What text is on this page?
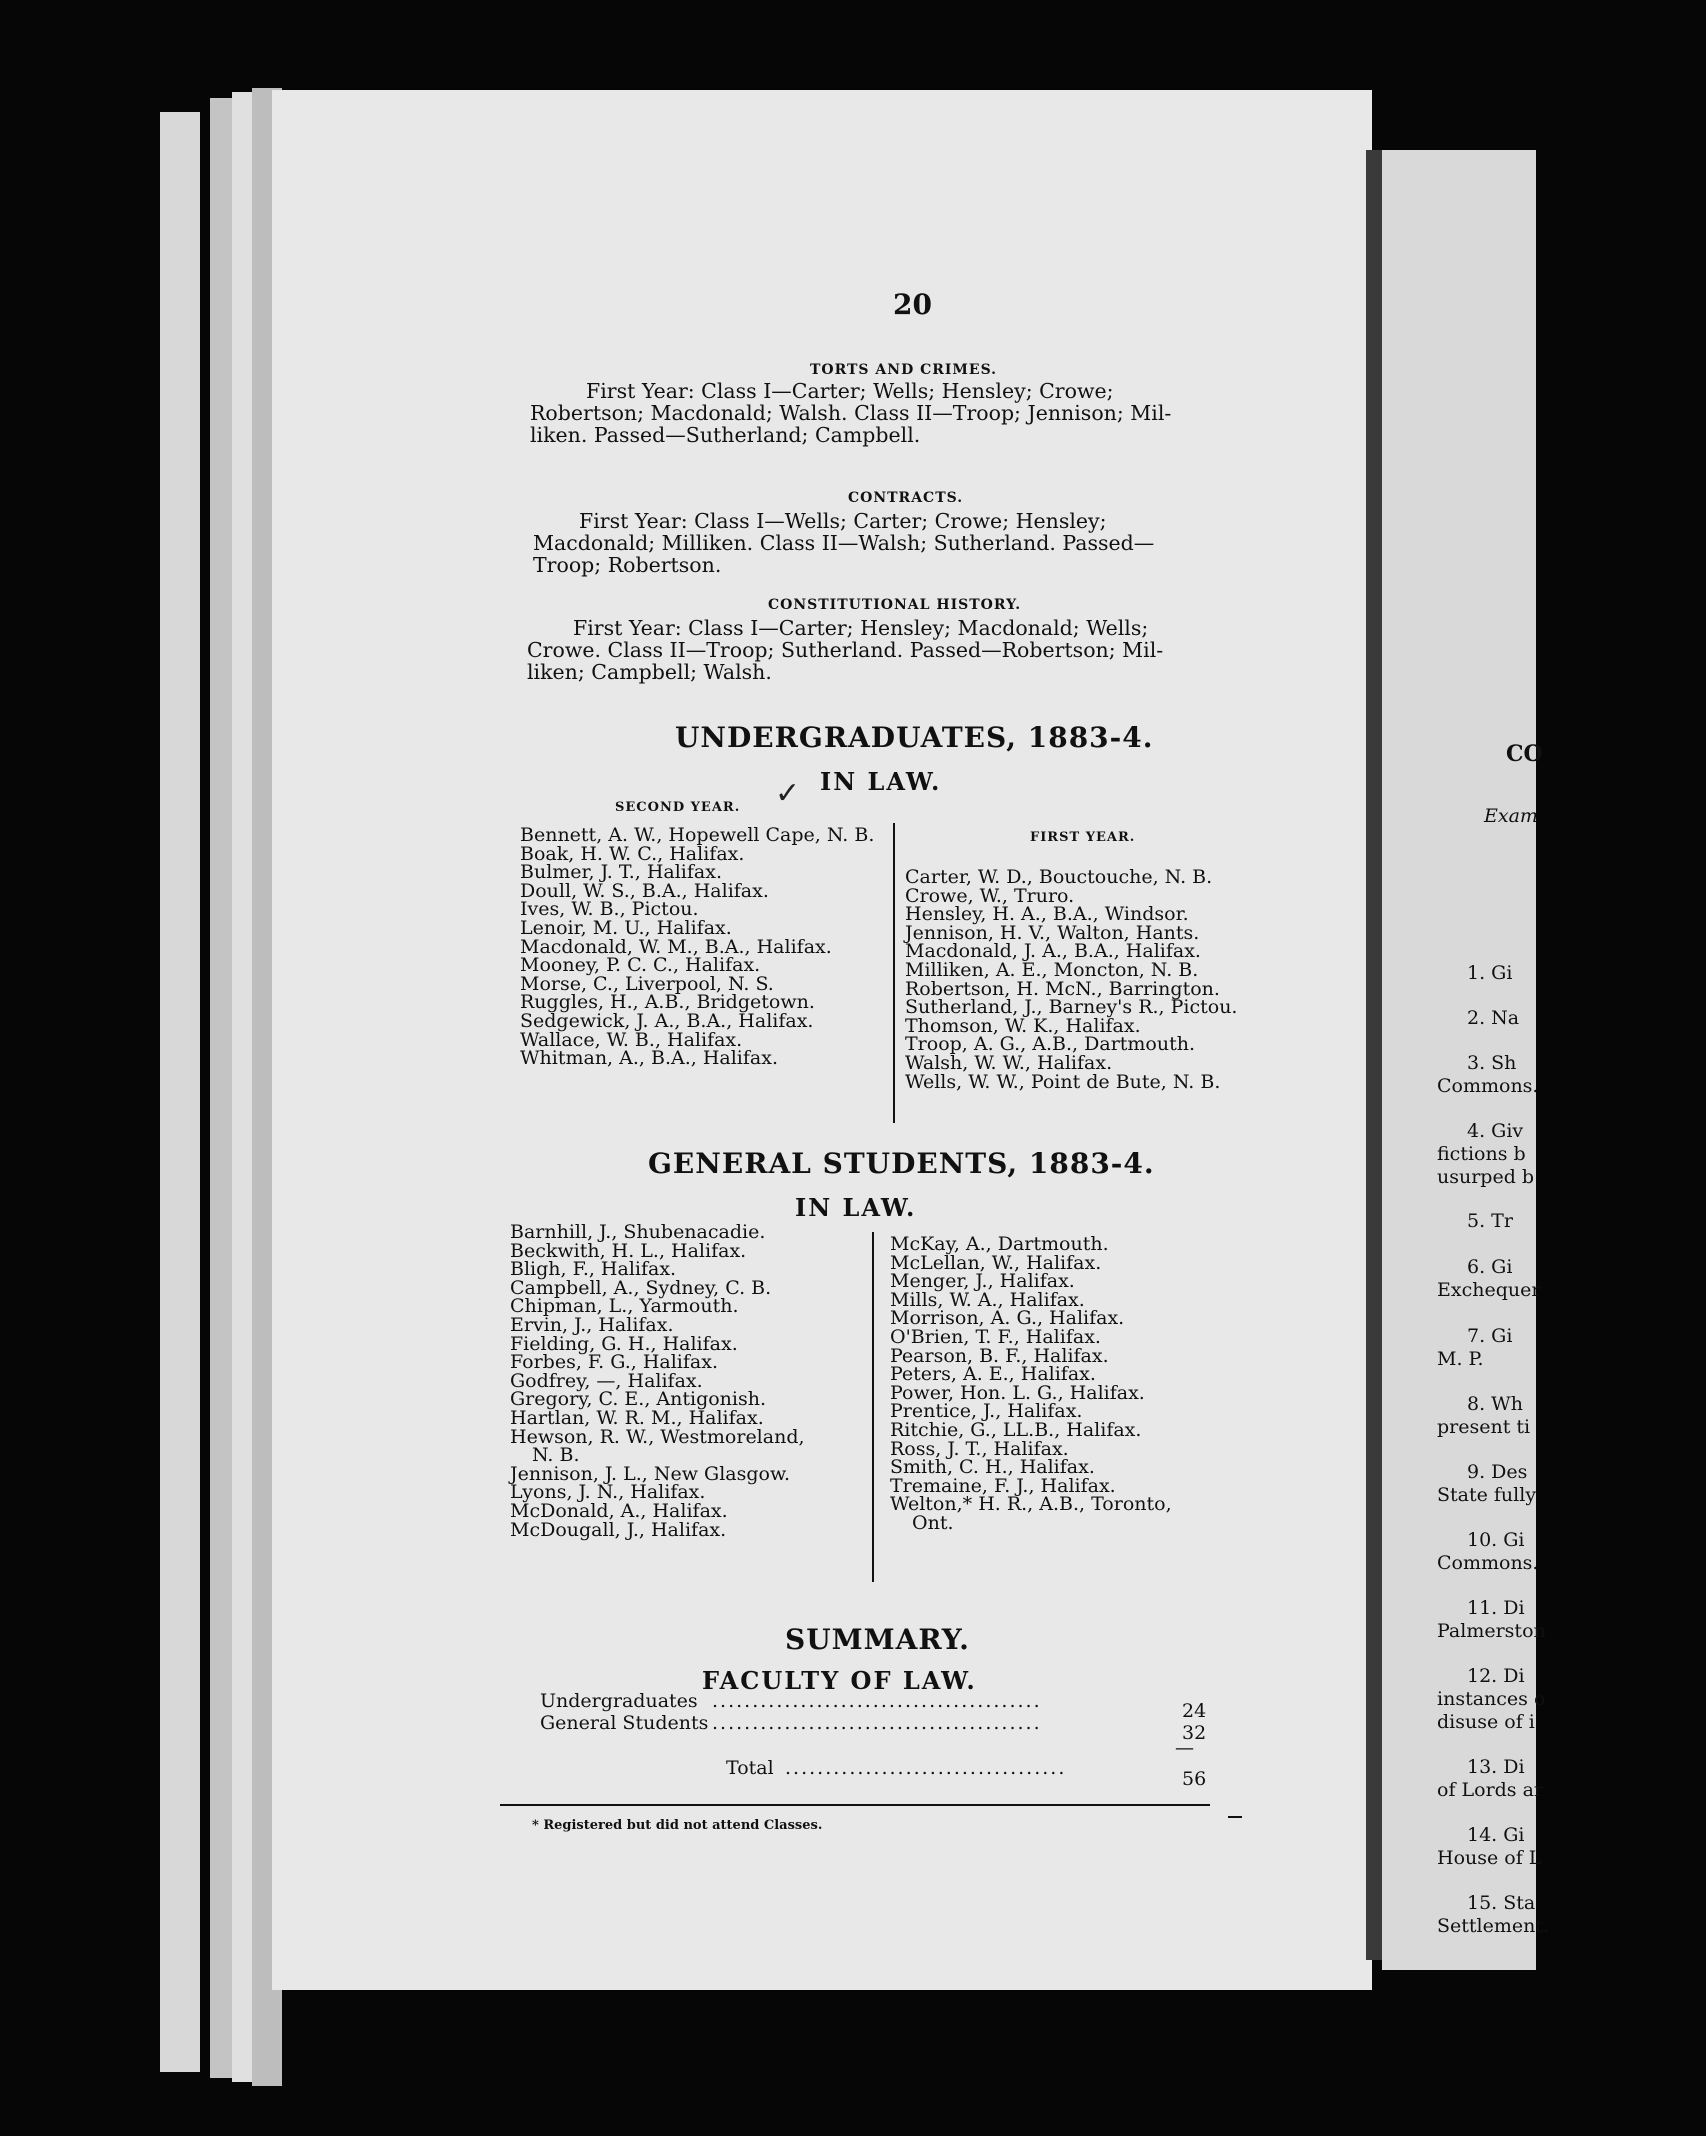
CO
Exam
1. Gi
2. Na
3. Sh
Commons.
4. Giv
fictions b
usurped b
5. Tr
6. Gi
Exchequer
7. Gi
M. P.
8. Wh
present ti
9. Des
State fully
10. Gi
Commons.
11. Di
Palmerston
12. Di
instances o
disuse of i
13. Di
of Lords ar
14. Gi
House of L
15. Sta
Settlement.
20
TORTS AND CRIMES.
First Year: Class I—Carter; Wells; Hensley; Crowe;
Robertson; Macdonald; Walsh. Class II—Troop; Jennison; Mil-
liken. Passed—Sutherland; Campbell.
CONTRACTS.
First Year: Class I—Wells; Carter; Crowe; Hensley;
Macdonald; Milliken. Class II—Walsh; Sutherland. Passed—
Troop; Robertson.
CONSTITUTIONAL HISTORY.
First Year: Class I—Carter; Hensley; Macdonald; Wells;
Crowe. Class II—Troop; Sutherland. Passed—Robertson; Mil-
liken; Campbell; Walsh.
UNDERGRADUATES, 1883-4.
IN LAW.
✓
SECOND YEAR.
FIRST YEAR.
Bennett, A. W., Hopewell Cape, N. B.
Boak, H. W. C., Halifax.
Bulmer, J. T., Halifax.
Doull, W. S., B.A., Halifax.
Ives, W. B., Pictou.
Lenoir, M. U., Halifax.
Macdonald, W. M., B.A., Halifax.
Mooney, P. C. C., Halifax.
Morse, C., Liverpool, N. S.
Ruggles, H., A.B., Bridgetown.
Sedgewick, J. A., B.A., Halifax.
Wallace, W. B., Halifax.
Whitman, A., B.A., Halifax.
Carter, W. D., Bouctouche, N. B.
Crowe, W., Truro.
Hensley, H. A., B.A., Windsor.
Jennison, H. V., Walton, Hants.
Macdonald, J. A., B.A., Halifax.
Milliken, A. E., Moncton, N. B.
Robertson, H. McN., Barrington.
Sutherland, J., Barney's R., Pictou.
Thomson, W. K., Halifax.
Troop, A. G., A.B., Dartmouth.
Walsh, W. W., Halifax.
Wells, W. W., Point de Bute, N. B.
GENERAL STUDENTS, 1883-4.
IN LAW.
Barnhill, J., Shubenacadie.
Beckwith, H. L., Halifax.
Bligh, F., Halifax.
Campbell, A., Sydney, C. B.
Chipman, L., Yarmouth.
Ervin, J., Halifax.
Fielding, G. H., Halifax.
Forbes, F. G., Halifax.
Godfrey, —, Halifax.
Gregory, C. E., Antigonish.
Hartlan, W. R. M., Halifax.
Hewson, R. W., Westmoreland,
N. B.
Jennison, J. L., New Glasgow.
Lyons, J. N., Halifax.
McDonald, A., Halifax.
McDougall, J., Halifax.
McKay, A., Dartmouth.
McLellan, W., Halifax.
Menger, J., Halifax.
Mills, W. A., Halifax.
Morrison, A. G., Halifax.
O'Brien, T. F., Halifax.
Pearson, B. F., Halifax.
Peters, A. E., Halifax.
Power, Hon. L. G., Halifax.
Prentice, J., Halifax.
Ritchie, G., LL.B., Halifax.
Ross, J. T., Halifax.
Smith, C. H., Halifax.
Tremaine, F. J., Halifax.
Welton,* H. R., A.B., Toronto,
Ont.
SUMMARY.
FACULTY OF LAW.
Undergraduates .........................................	24
General Students .........................................	32
—
Total ...................................	56
* Registered but did not attend Classes.
